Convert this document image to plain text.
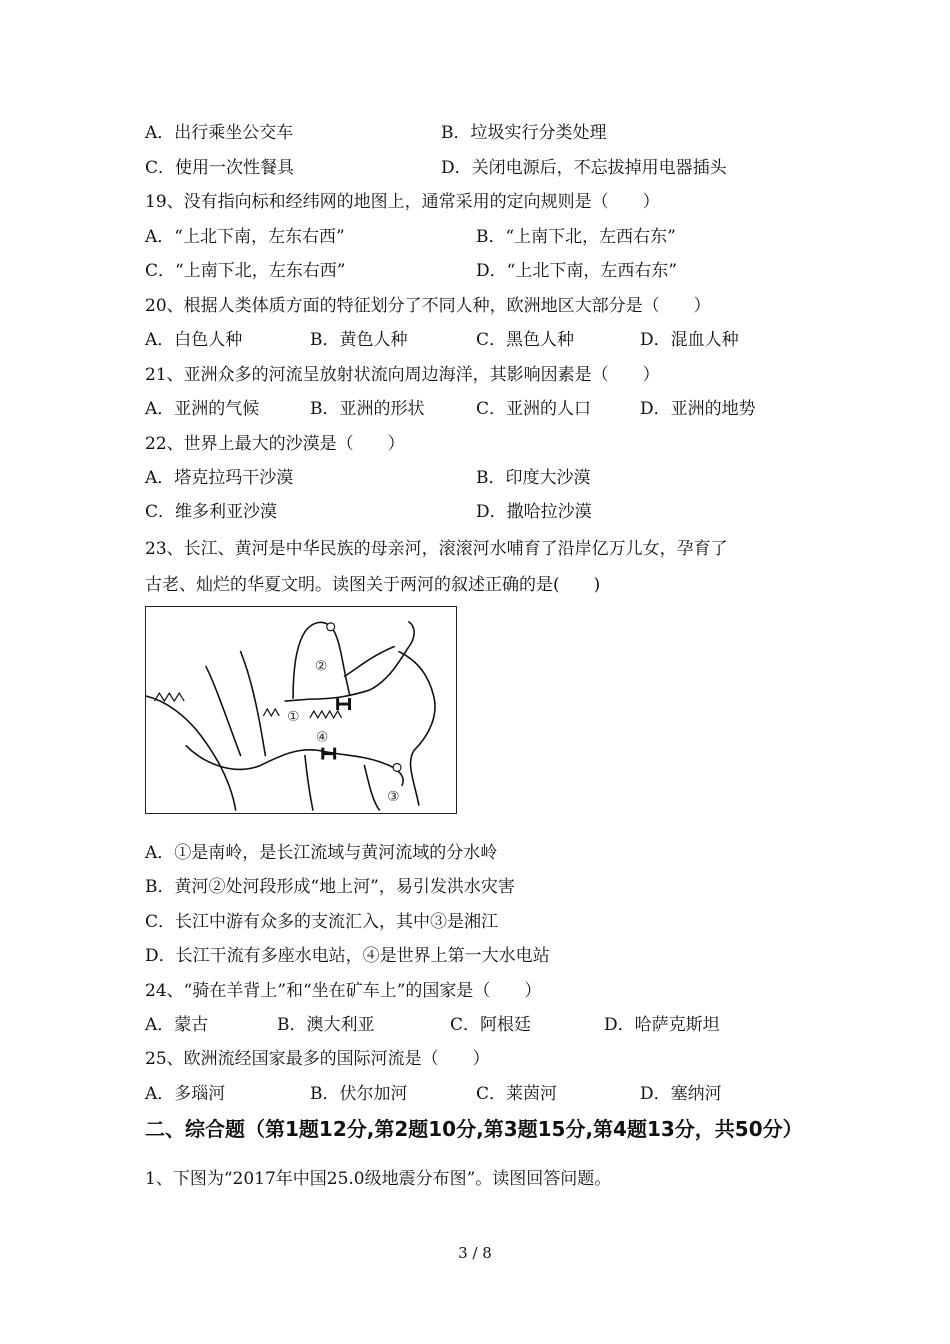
A．出行乘坐公交车	B．垃圾实行分类处理
C．使用一次性餐具	D．关闭电源后，不忘拔掉用电器插头
19、没有指向标和经纬网的地图上，通常采用的定向规则是（　　）
A．“上北下南，左东右西”	B．“上南下北，左西右东”
C．“上南下北，左东右西”	D．“上北下南，左西右东”
20、根据人类体质方面的特征划分了不同人种，欧洲地区大部分是（　　）
A．白色人种	B．黄色人种	C．黑色人种	D．混血人种
21、亚洲众多的河流呈放射状流向周边海洋，其影响因素是（　　）
A．亚洲的气候	B．亚洲的形状	C．亚洲的人口	D．亚洲的地势
22、世界上最大的沙漠是（　　）
A．塔克拉玛干沙漠	B．印度大沙漠
C．维多利亚沙漠	D．撒哈拉沙漠
23、长江、黄河是中华民族的母亲河，滚滚河水哺育了沿岸亿万儿女，孕育了
古老、灿烂的华夏文明。读图关于两河的叙述正确的是(　　)
①
②
③
④
A．①是南岭，是长江流域与黄河流域的分水岭
B．黄河②处河段形成“地上河”，易引发洪水灾害
C．长江中游有众多的支流汇入，其中③是湘江
D．长江干流有多座水电站，④是世界上第一大水电站
24、“骑在羊背上”和“坐在矿车上”的国家是（　　）
A．蒙古	B．澳大利亚	C．阿根廷	D．哈萨克斯坦
25、欧洲流经国家最多的国际河流是（　　）
A．多瑙河	B．伏尔加河	C．莱茵河	D．塞纳河
二、综合题（第1题12分,第2题10分,第3题15分,第4题13分，共50分）
1、下图为“2017年中国25.0级地震分布图”。读图回答问题。
3 / 8
